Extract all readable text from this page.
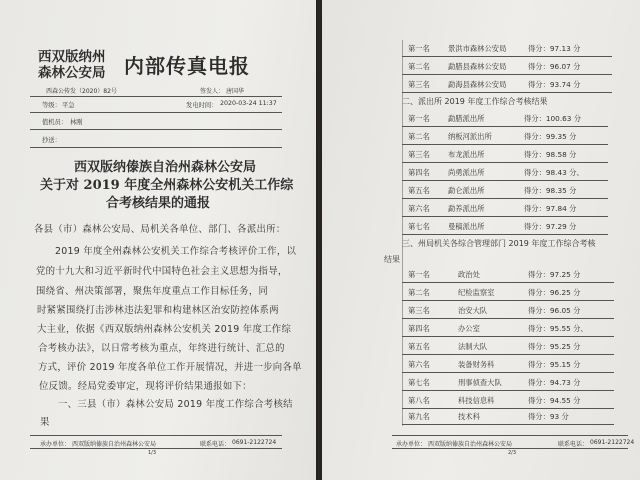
西双版纳州
森林公安局 内部传真电报
西森公传发（2020）82号	签发人： 唐国华
等级： 平急	发电时间： 2020-03-24 11:37
值机员： 林刚
抄送：
西双版纳傣族自治州森林公安局
关于对 2019 年度全州森林公安机关工作综
合考核结果的通报
各县（市）森林公安局、局机关各单位、部门、各派出所：
2019 年度全州森林公安机关工作综合考核评价工作，以
党的十九大和习近平新时代中国特色社会主义思想为指导，
围绕省、州决策部署，聚焦年度重点工作目标任务，同
时紧紧围绕打击涉林违法犯罪和构建林区治安防控体系两
大主业，依据《西双版纳州森林公安机关 2019 年度工作综
合考核办法》，以日常考核为重点，年终进行统计、汇总的
方式，评价 2019 年度各单位工作开展情况，并进一步向各单
位反馈。经局党委审定，现将评价结果通报如下：
一、三县（市）森林公安局 2019 年度工作综合考核结
果
承办单位： 西双版纳傣族自治州森林公安局	联系电话： 0691-2122724
1/3
第一名 景洪市森林公安局	得分：97.13 分
第二名 勐腊县森林公安局	得分：96.07 分
第三名 勐海县森林公安局	得分：93.74 分
二、派出所 2019 年度工作综合考核结果
第一名 勐腊派出所	得分：100.63 分
第二名 纳板河派出所	得分：99.35 分
第三名 布龙派出所	得分：98.58 分
第四名 尚勇派出所	得分：98.43 分、
第五名 勐仑派出所	得分：98.35 分
第六名 勐养派出所	得分：97.84 分
第七名 曼稿派出所	得分：97.29 分
三、州局机关各综合管理部门 2019 年度工作综合考核
结果
第一名	政治处	得分：97.25 分
第二名	纪检监察室	得分：96.25 分
第三名	治安大队	得分：96.05 分
第四名	办公室	得分：95.55 分、
第五名	法制大队	得分：95.25 分
第六名	装备财务科	得分：95.15 分
第七名	刑事侦查大队	得分：94.73 分
第八名	科技信息科	得分：94.55 分
第九名	技术科	得分：93 分
承办单位： 西双版纳傣族自治州森林公安局	联系电话： 0691-2122724
2/3
